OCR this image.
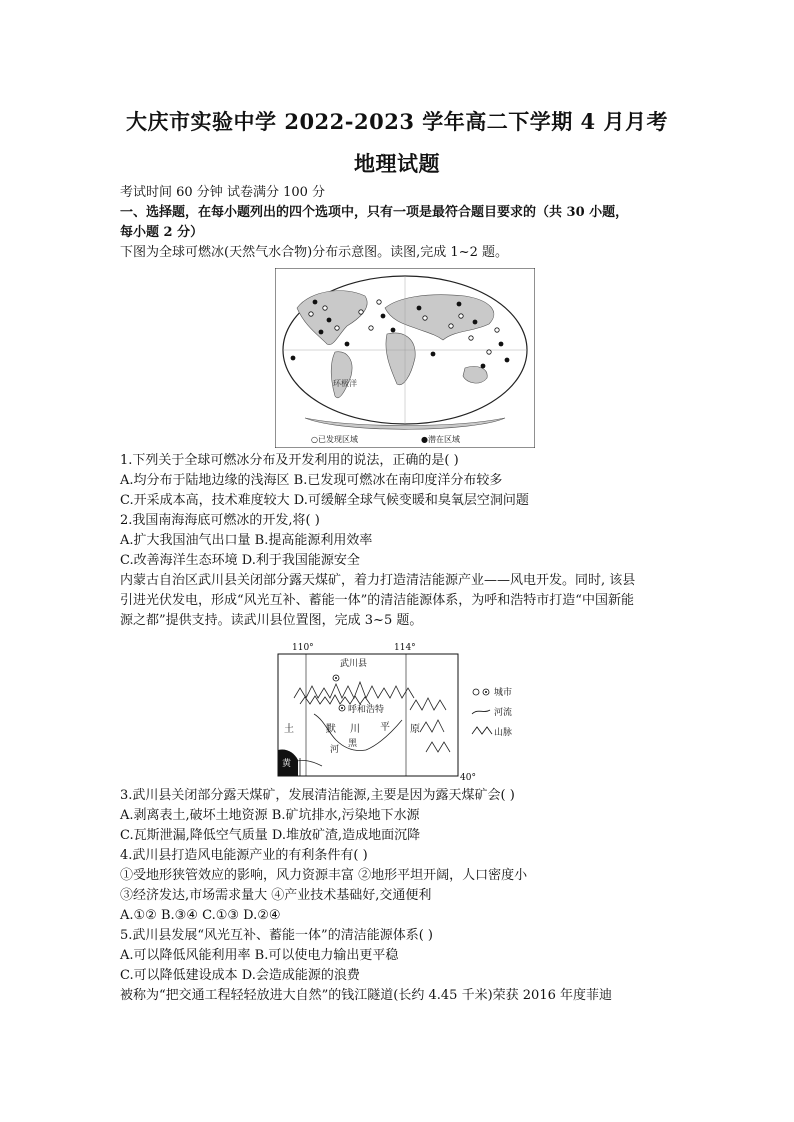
大庆市实验中学 2022-2023 学年高二下学期 4 月月考
地理试题
考试时间 60 分钟 试卷满分 100 分
一、选择题，在每小题列出的四个选项中，只有一项是最符合题目要求的（共 30 小题，
每小题 2 分）
下图为全球可燃冰(天然气水合物)分布示意图。读图,完成 1~2 题。
环极洋
○已发现区域	●潜在区域
1.下列关于全球可燃冰分布及开发利用的说法，正确的是( )
A.均分布于陆地边缘的浅海区 B.已发现可燃冰在南印度洋分布较多
C.开采成本高，技术难度较大 D.可缓解全球气候变暖和臭氧层空洞问题
2.我国南海海底可燃冰的开发,将( )
A.扩大我国油气出口量 B.提高能源利用效率
C.改善海洋生态环境 D.利于我国能源安全
内蒙古自治区武川县关闭部分露天煤矿，着力打造清洁能源产业——风电开发。同时, 该县
引进光伏发电，形成“风光互补、蓄能一体”的清洁能源体系，为呼和浩特市打造“中国新能
源之都”提供支持。读武川县位置图，完成 3~5 题。
110°	114°
武川县
呼和浩特
土	默 川 平 原
河
黑
黄
40°
城市
河流
山脉
3.武川县关闭部分露天煤矿，发展清洁能源,主要是因为露天煤矿会( )
A.剥离表土,破坏土地资源 B.矿坑排水,污染地下水源
C.瓦斯泄漏,降低空气质量 D.堆放矿渣,造成地面沉降
4.武川县打造风电能源产业的有利条件有( )
①受地形狭管效应的影响，风力资源丰富 ②地形平坦开阔，人口密度小
③经济发达,市场需求量大 ④产业技术基础好,交通便利
A.①② B.③④ C.①③ D.②④
5.武川县发展“风光互补、蓄能一体”的清洁能源体系( )
A.可以降低风能利用率 B.可以使电力输出更平稳
C.可以降低建设成本 D.会造成能源的浪费
被称为“把交通工程轻轻放进大自然”的钱江隧道(长约 4.45 千米)荣获 2016 年度菲迪
